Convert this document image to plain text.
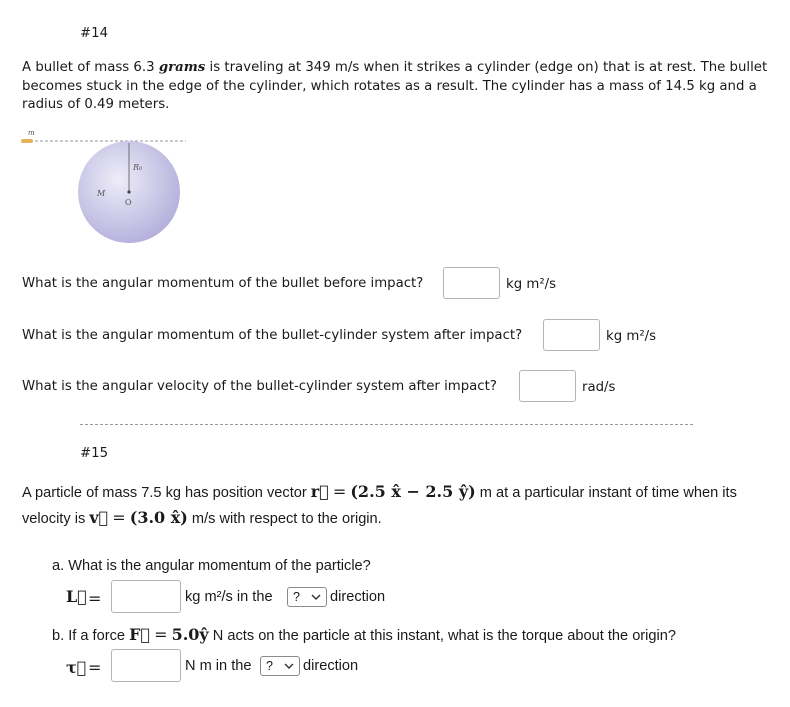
#14
A bullet of mass 6.3 grams is traveling at 349 m/s when it strikes a cylinder (edge on) that is at rest. The bullet becomes stuck in the edge of the cylinder, which rotates as a result. The cylinder has a mass of 14.5 kg and a radius of 0.49 meters.
m
R₀
M
O
What is the angular momentum of the bullet before impact?	kg m²/s
What is the angular momentum of the bullet-cylinder system after impact?	kg m²/s
What is the angular velocity of the bullet-cylinder system after impact?	rad/s
#15
A particle of mass 7.5 kg has position vector r⃗ = (2.5 x̂ − 2.5 ŷ) m at a particular instant of time when its
velocity is v⃗ = (3.0 x̂) m/s with respect to the origin.
a. What is the angular momentum of the particle?
L⃗ =	kg m²/s in the ? direction
b. If a force F⃗ = 5.0ŷ N acts on the particle at this instant, what is the torque about the origin?
τ⃗ =	N m in the ? direction
